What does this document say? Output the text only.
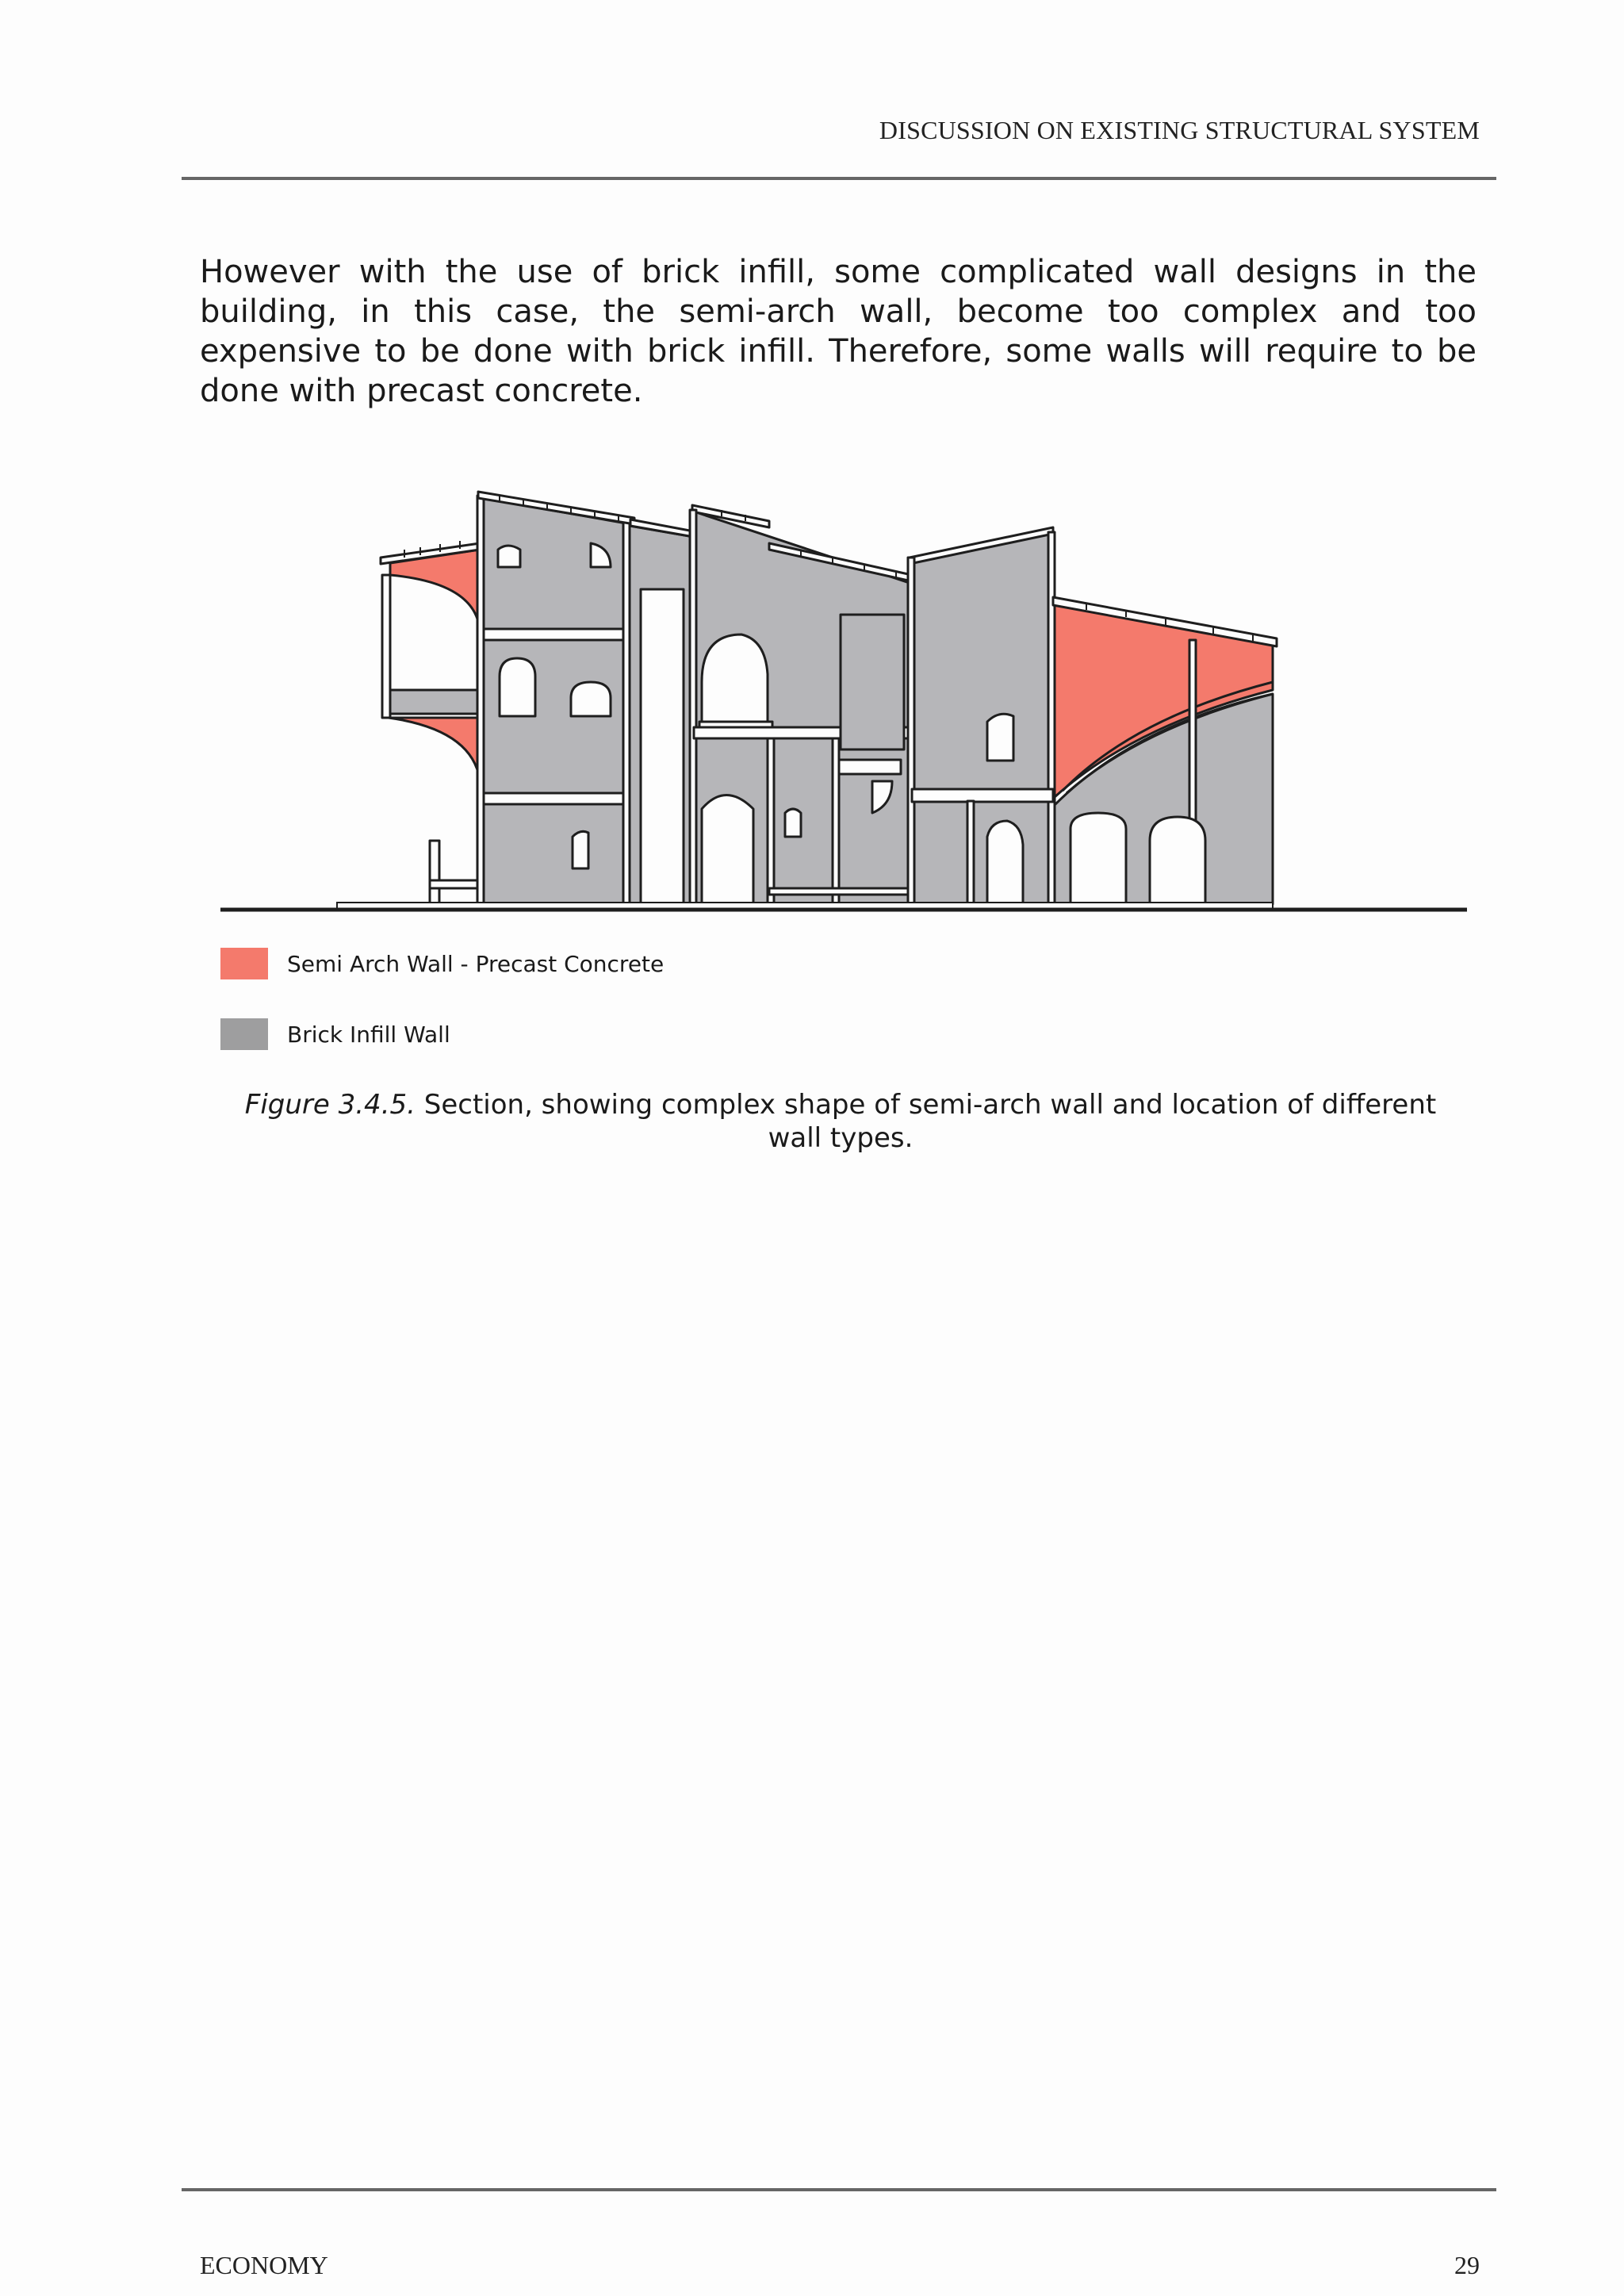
DISCUSSION ON EXISTING STRUCTURAL SYSTEM

However with the use of brick infill, some complicated wall designs in the building, in this case, the semi-arch wall, become too complex and too expensive to be done with brick infill. Therefore, some walls will require to be done with precast concrete.

Semi Arch Wall - Precast Concrete
Brick Infill Wall
Figure 3.4.5. Section, showing complex shape of semi-arch wall and location of different wall types.
ECONOMY	29
